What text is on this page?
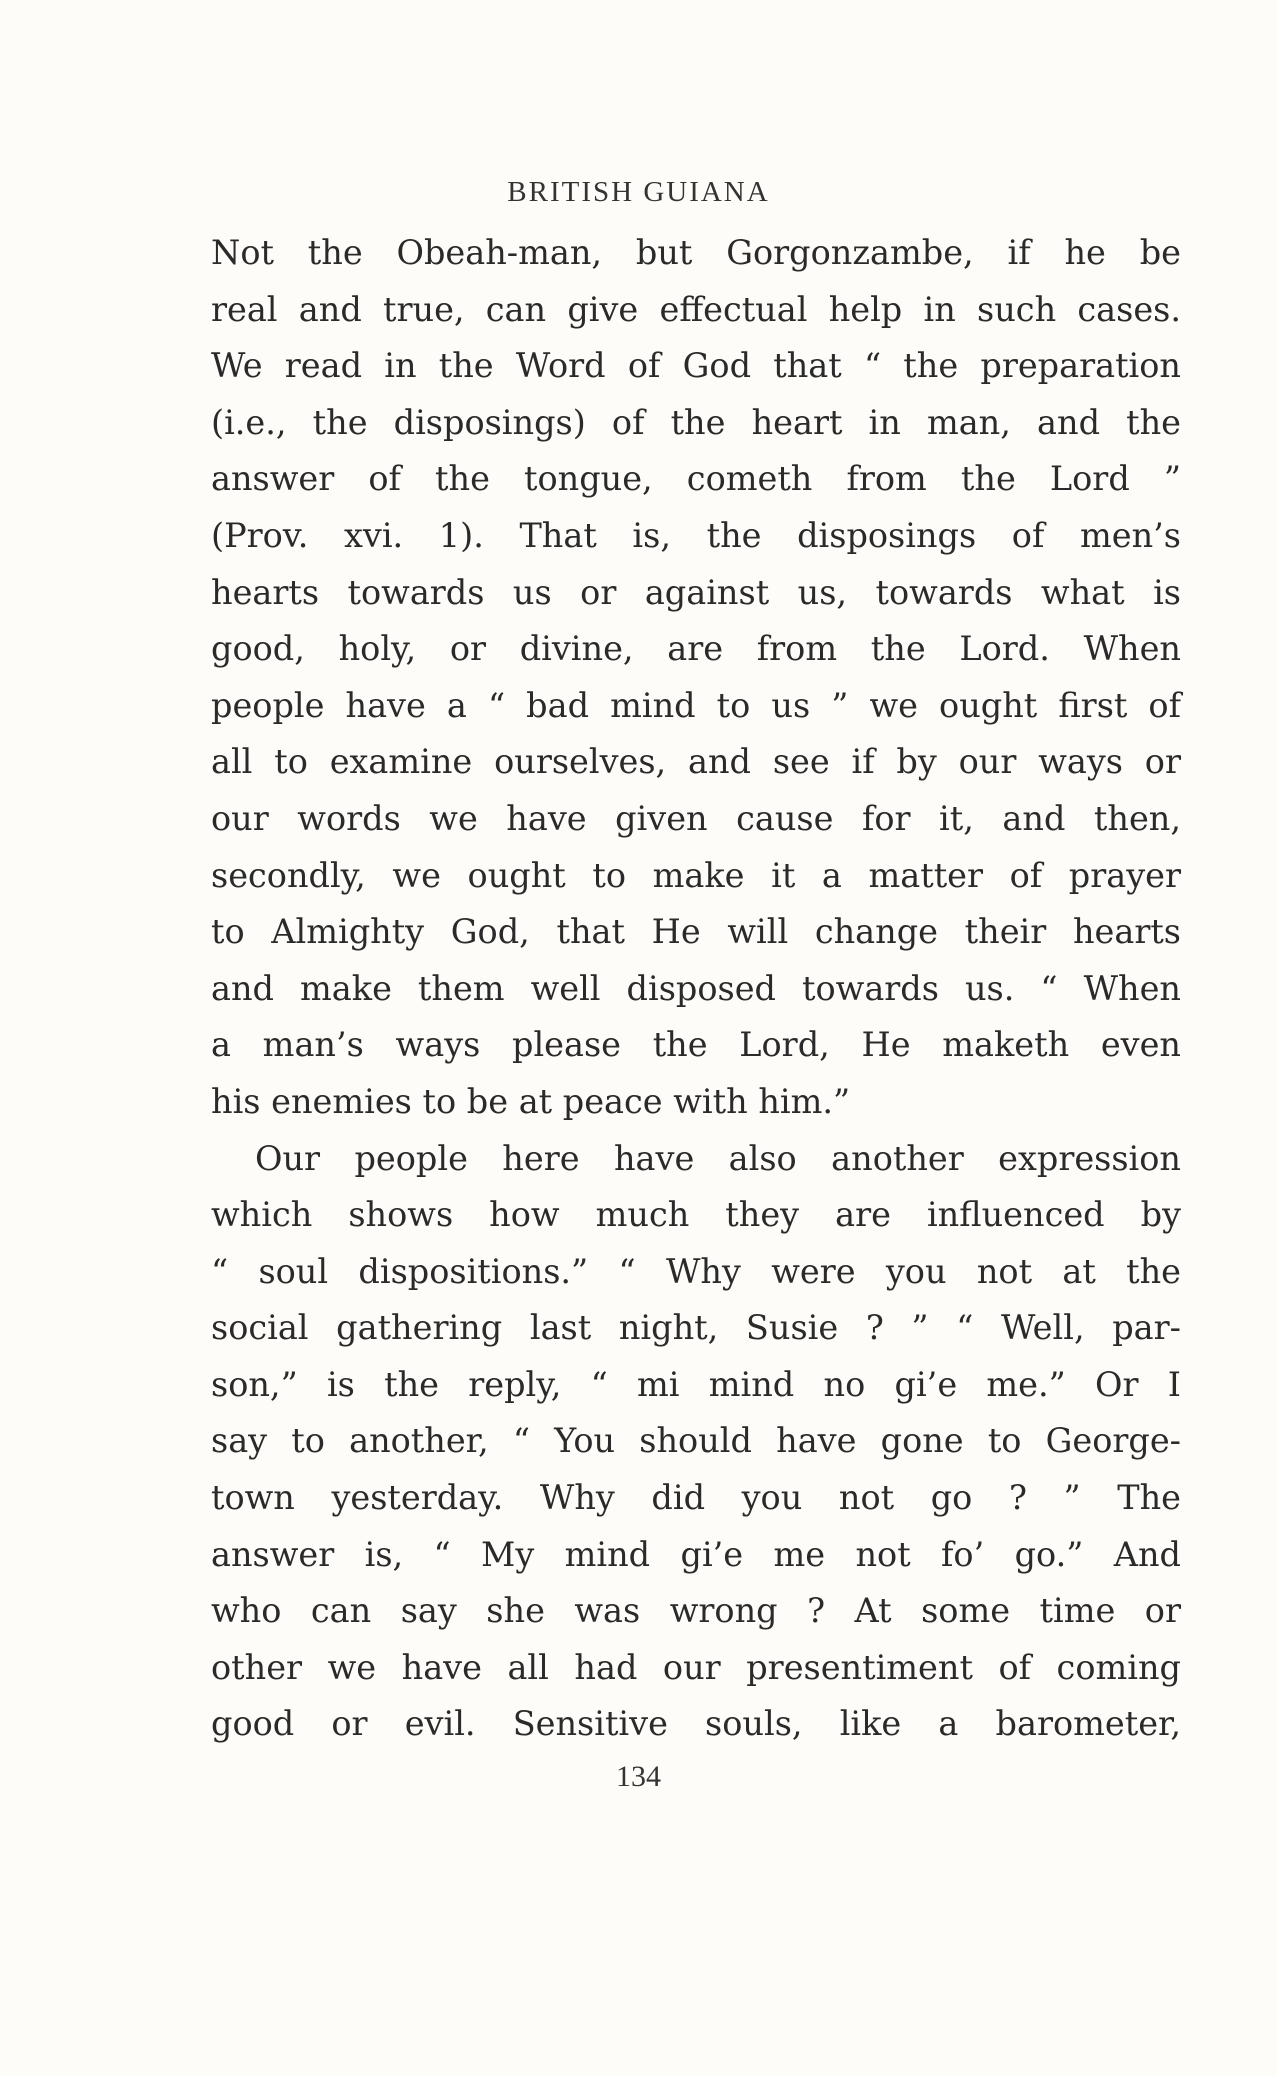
BRITISH GUIANA
Not the Obeah-man, but Gorgonzambe, if he be
real and true, can give effectual help in such cases.
We read in the Word of God that “ the preparation
(i.e., the disposings) of the heart in man, and the
answer of the tongue, cometh from the Lord ”
(Prov. xvi. 1). That is, the disposings of men’s
hearts towards us or against us, towards what is
good, holy, or divine, are from the Lord. When
people have a “ bad mind to us ” we ought first of
all to examine ourselves, and see if by our ways or
our words we have given cause for it, and then,
secondly, we ought to make it a matter of prayer
to Almighty God, that He will change their hearts
and make them well disposed towards us. “ When
a man’s ways please the Lord, He maketh even
his enemies to be at peace with him.”
Our people here have also another expression
which shows how much they are influenced by
“ soul dispositions.” “ Why were you not at the
social gathering last night, Susie ? ” “ Well, par-
son,” is the reply, “ mi mind no gi’e me.” Or I
say to another, “ You should have gone to George-
town yesterday. Why did you not go ? ” The
answer is, “ My mind gi’e me not fo’ go.” And
who can say she was wrong ? At some time or
other we have all had our presentiment of coming
good or evil. Sensitive souls, like a barometer,
134
